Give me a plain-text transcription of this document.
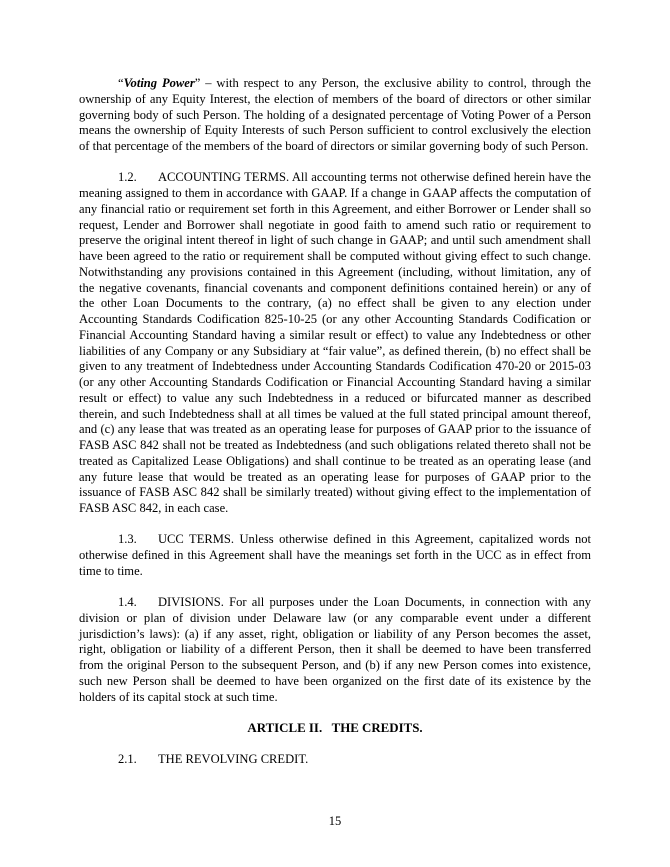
“Voting Power” – with respect to any Person, the exclusive ability to control, through the ownership of any Equity Interest, the election of members of the board of directors or other similar governing body of such Person. The holding of a designated percentage of Voting Power of a Person means the ownership of Equity Interests of such Person sufficient to control exclusively the election of that percentage of the members of the board of directors or similar governing body of such Person.

1.2. ACCOUNTING TERMS. All accounting terms not otherwise defined herein have the meaning assigned to them in accordance with GAAP. If a change in GAAP affects the computation of any financial ratio or requirement set forth in this Agreement, and either Borrower or Lender shall so request, Lender and Borrower shall negotiate in good faith to amend such ratio or requirement to preserve the original intent thereof in light of such change in GAAP; and until such amendment shall have been agreed to the ratio or requirement shall be computed without giving effect to such change. Notwithstanding any provisions contained in this Agreement (including, without limitation, any of the negative covenants, financial covenants and component definitions contained herein) or any of the other Loan Documents to the contrary, (a) no effect shall be given to any election under Accounting Standards Codification 825-10-25 (or any other Accounting Standards Codification or Financial Accounting Standard having a similar result or effect) to value any Indebtedness or other liabilities of any Company or any Subsidiary at “fair value”, as defined therein, (b) no effect shall be given to any treatment of Indebtedness under Accounting Standards Codification 470-20 or 2015-03 (or any other Accounting Standards Codification or Financial Accounting Standard having a similar result or effect) to value any such Indebtedness in a reduced or bifurcated manner as described therein, and such Indebtedness shall at all times be valued at the full stated principal amount thereof, and (c) any lease that was treated as an operating lease for purposes of GAAP prior to the issuance of FASB ASC 842 shall not be treated as Indebtedness (and such obligations related thereto shall not be treated as Capitalized Lease Obligations) and shall continue to be treated as an operating lease (and any future lease that would be treated as an operating lease for purposes of GAAP prior to the issuance of FASB ASC 842 shall be similarly treated) without giving effect to the implementation of FASB ASC 842, in each case.

1.3. UCC TERMS. Unless otherwise defined in this Agreement, capitalized words not otherwise defined in this Agreement shall have the meanings set forth in the UCC as in effect from time to time.

1.4. DIVISIONS. For all purposes under the Loan Documents, in connection with any division or plan of division under Delaware law (or any comparable event under a different jurisdiction’s laws): (a) if any asset, right, obligation or liability of any Person becomes the asset, right, obligation or liability of a different Person, then it shall be deemed to have been transferred from the original Person to the subsequent Person, and (b) if any new Person comes into existence, such new Person shall be deemed to have been organized on the first date of its existence by the holders of its capital stock at such time.

ARTICLE II.   THE CREDITS.

2.1. THE REVOLVING CREDIT.

15
